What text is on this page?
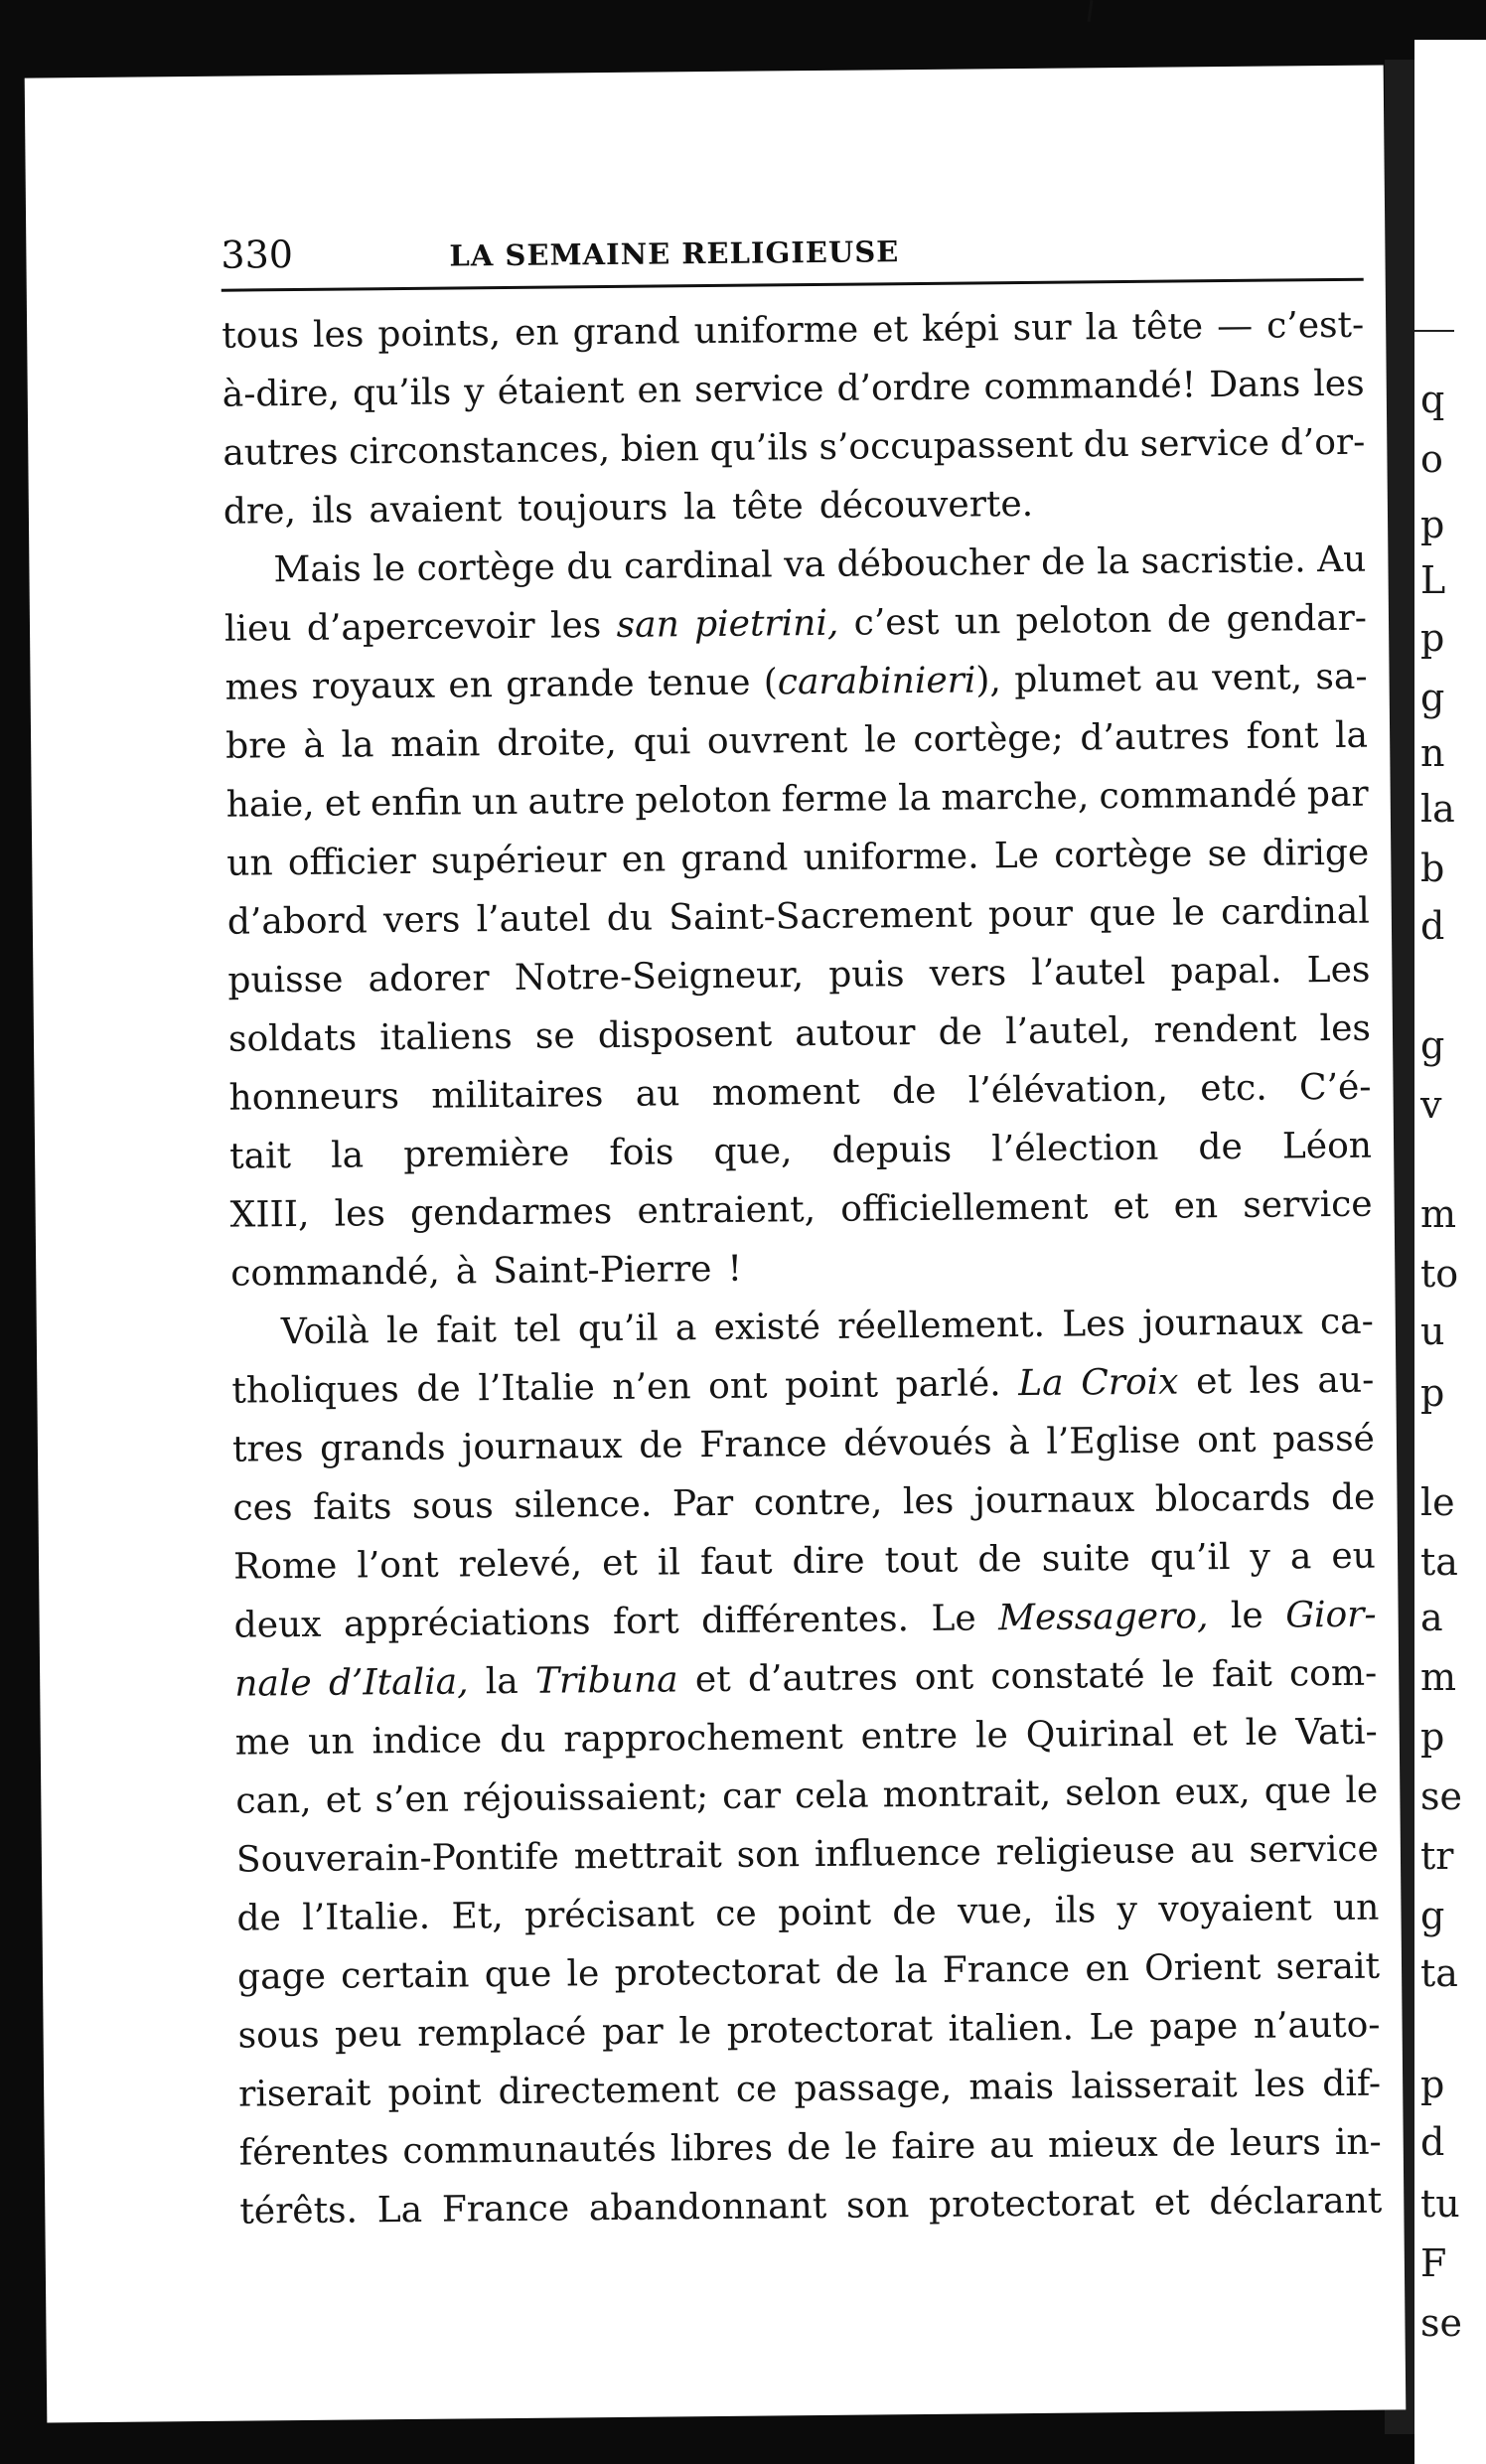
q
o
p
L
p
g
n
la
b
d
g
v
m
to
u
p
le
ta
a
m
p
se
tr
g
ta
p
d
tu
F
se
330	LA SEMAINE RELIGIEUSE
tous les points, en grand uniforme et képi sur la tête — c’est-
à-dire, qu’ils y étaient en service d’ordre commandé! Dans les
autres circonstances, bien qu’ils s’occupassent du service d’or-
dre, ils avaient toujours la tête découverte.
Mais le cortège du cardinal va déboucher de la sacristie. Au
lieu d’apercevoir les san pietrini, c’est un peloton de gendar-
mes royaux en grande tenue (carabinieri), plumet au vent, sa-
bre à la main droite, qui ouvrent le cortège; d’autres font la
haie, et enfin un autre peloton ferme la marche, commandé par
un officier supérieur en grand uniforme. Le cortège se dirige
d’abord vers l’autel du Saint-Sacrement pour que le cardinal
puisse adorer Notre-Seigneur, puis vers l’autel papal. Les
soldats italiens se disposent autour de l’autel, rendent les
honneurs militaires au moment de l’élévation, etc. C’é-
tait la première fois que, depuis l’élection de Léon
XIII, les gendarmes entraient, officiellement et en service
commandé, à Saint-Pierre !
Voilà le fait tel qu’il a existé réellement. Les journaux ca-
tholiques de l’Italie n’en ont point parlé. La Croix et les au-
tres grands journaux de France dévoués à l’Eglise ont passé
ces faits sous silence. Par contre, les journaux blocards de
Rome l’ont relevé, et il faut dire tout de suite qu’il y a eu
deux appréciations fort différentes. Le Messagero, le Gior-
nale d’Italia, la Tribuna et d’autres ont constaté le fait com-
me un indice du rapprochement entre le Quirinal et le Vati-
can, et s’en réjouissaient; car cela montrait, selon eux, que le
Souverain-Pontife mettrait son influence religieuse au service
de l’Italie. Et, précisant ce point de vue, ils y voyaient un
gage certain que le protectorat de la France en Orient serait
sous peu remplacé par le protectorat italien. Le pape n’auto-
riserait point directement ce passage, mais laisserait les dif-
férentes communautés libres de le faire au mieux de leurs in-
térêts. La France abandonnant son protectorat et déclarant
